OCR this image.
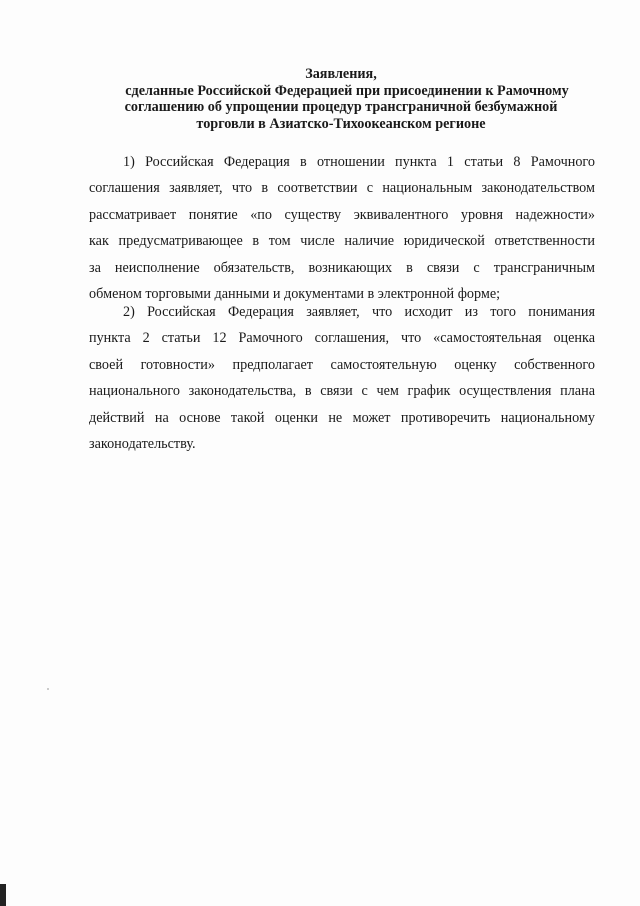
Заявления,
сделанные Российской Федерацией при присоединении к Рамочному
соглашению об упрощении процедур трансграничной безбумажной
торговли в Азиатско-Тихоокеанском регионе
1) Российская Федерация в отношении пункта 1 статьи 8 Рамочного
соглашения заявляет, что в соответствии с национальным законодательством
рассматривает понятие «по существу эквивалентного уровня надежности»
как предусматривающее в том числе наличие юридической ответственности
за неисполнение обязательств, возникающих в связи с трансграничным
обменом торговыми данными и документами в электронной форме;
2) Российская Федерация заявляет, что исходит из того понимания
пункта 2 статьи 12 Рамочного соглашения, что «самостоятельная оценка
своей готовности» предполагает самостоятельную оценку собственного
национального законодательства, в связи с чем график осуществления плана
действий на основе такой оценки не может противоречить национальному
законодательству.
